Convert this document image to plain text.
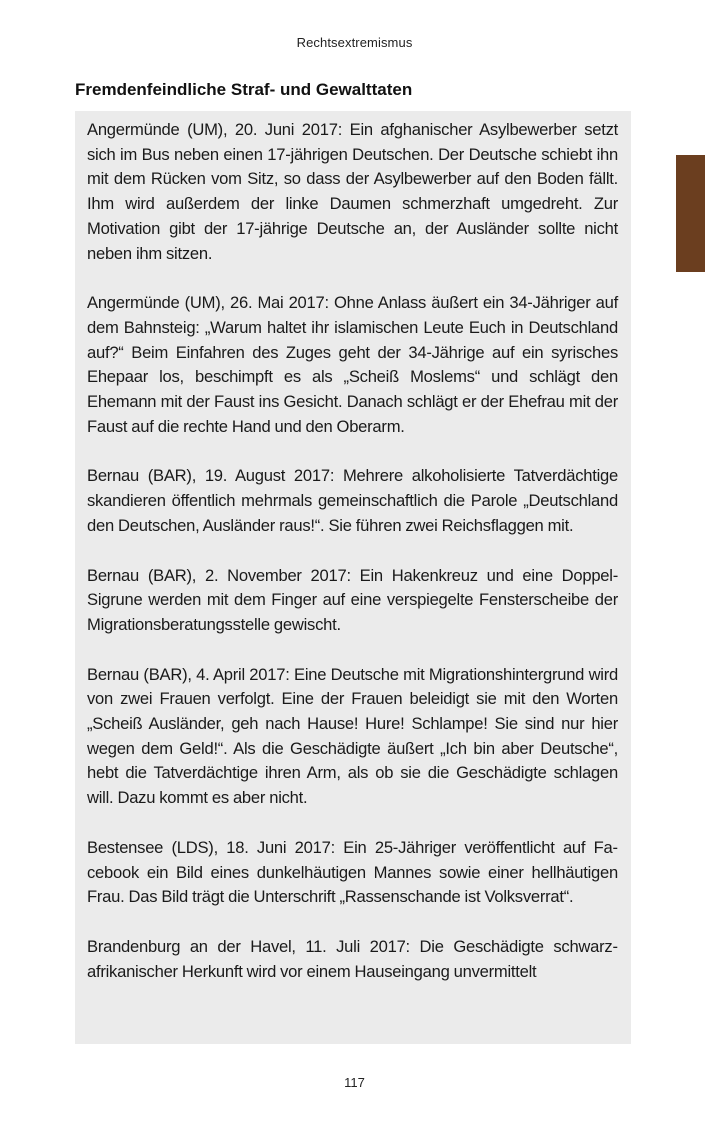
Rechtsextremismus
Fremdenfeindliche Straf- und Gewalttaten

Angermünde (UM), 20. Juni 2017: Ein afghanischer Asylbewerber setzt sich im Bus neben einen 17-jährigen Deutschen. Der Deutsche schiebt ihn mit dem Rücken vom Sitz, so dass der Asylbewerber auf den Boden fällt. Ihm wird außerdem der linke Daumen schmerzhaft umgedreht. Zur Motivation gibt der 17-jährige Deutsche an, der Ausländer sollte nicht neben ihm sitzen.

Angermünde (UM), 26. Mai 2017: Ohne Anlass äußert ein 34-Jähriger auf dem Bahnsteig: „Warum haltet ihr islamischen Leute Euch in Deutschland auf?“ Beim Einfahren des Zuges geht der 34-Jährige auf ein syrisches Ehepaar los, beschimpft es als „Scheiß Moslems“ und schlägt den Ehemann mit der Faust ins Gesicht. Danach schlägt er der Ehefrau mit der Faust auf die rechte Hand und den Oberarm.

Bernau (BAR), 19. August 2017: Mehrere alkoholisierte Tatverdächtige skandieren öffentlich mehrmals gemeinschaftlich die Parole „Deutschland den Deutschen, Ausländer raus!“. Sie führen zwei Reichsflaggen mit.

Bernau (BAR), 2. November 2017: Ein Hakenkreuz und eine Doppel-Sigrune werden mit dem Finger auf eine verspiegelte Fensterscheibe der Migrationsberatungsstelle gewischt.

Bernau (BAR), 4. April 2017: Eine Deutsche mit Migrationshintergrund wird von zwei Frauen verfolgt. Eine der Frauen beleidigt sie mit den Worten „Scheiß Ausländer, geh nach Hause! Hure! Schlampe! Sie sind nur hier wegen dem Geld!“. Als die Geschädigte äußert „Ich bin aber Deutsche“, hebt die Tatverdächtige ihren Arm, als ob sie die Geschädigte schlagen will. Dazu kommt es aber nicht.

Bestensee (LDS), 18. Juni 2017: Ein 25-Jähriger veröffentlicht auf Facebook ein Bild eines dunkelhäutigen Mannes sowie einer hellhäutigen Frau. Das Bild trägt die Unterschrift „Rassenschande ist Volksverrat“.

Brandenburg an der Havel, 11. Juli 2017: Die Geschädigte schwarzafrikanischer Herkunft wird vor einem Hauseingang unvermittelt

117
